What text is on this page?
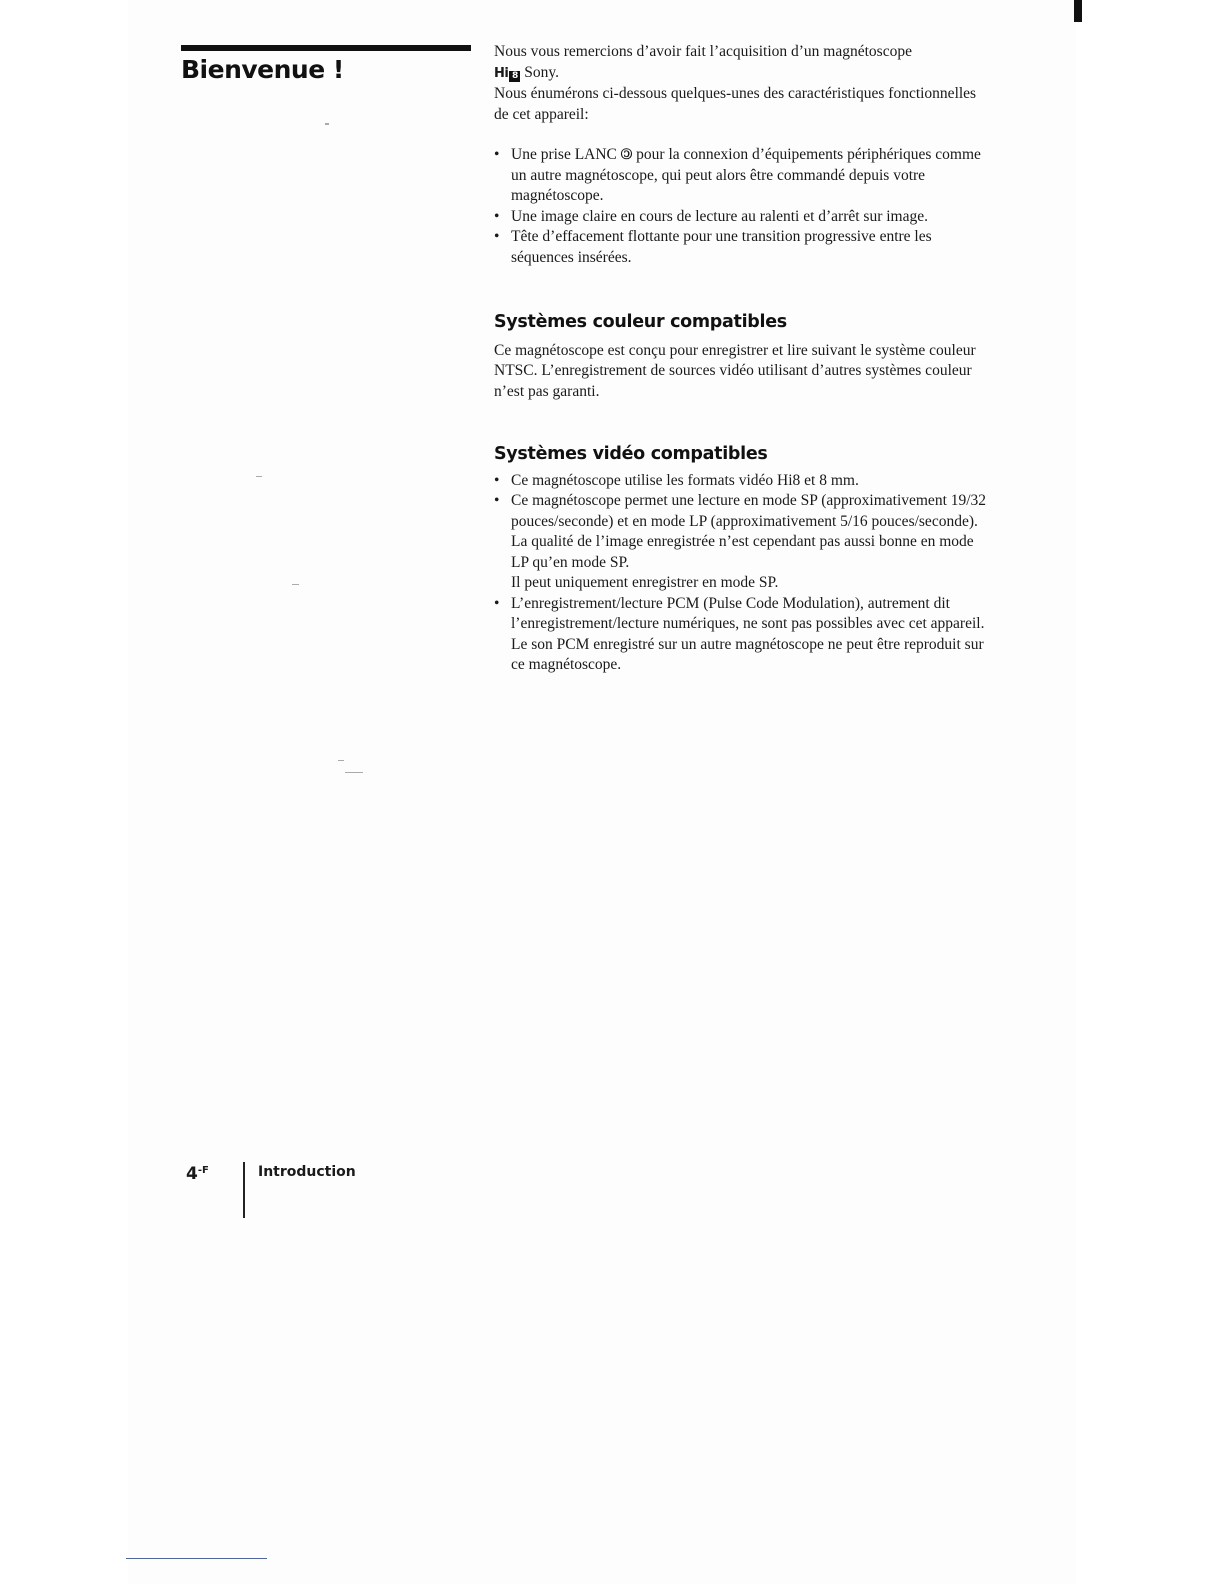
Bienvenue !

Nous vous remercions d’avoir fait l’acquisition d’un magnétoscope
Hi 8 Sony.

Nous énumérons ci-dessous quelques-unes des caractéristiques fonctionnelles de cet appareil:

• Une prise LANC 🄯 pour la connexion d’équipements périphériques comme un autre magnétoscope, qui peut alors être commandé depuis votre magnétoscope.
• Une image claire en cours de lecture au ralenti et d’arrêt sur image.
• Tête d’effacement flottante pour une transition progressive entre les séquences insérées.
Systèmes couleur compatibles

Ce magnétoscope est conçu pour enregistrer et lire suivant le système couleur NTSC. L’enregistrement de sources vidéo utilisant d’autres systèmes couleur n’est pas garanti.

Systèmes vidéo compatibles
• Ce magnétoscope utilise les formats vidéo Hi8 et 8 mm.
• Ce magnétoscope permet une lecture en mode SP (approximativement 19/32 pouces/seconde) et en mode LP (approximativement 5/16 pouces/seconde). La qualité de l’image enregistrée n’est cependant pas aussi bonne en mode LP qu’en mode SP.
Il peut uniquement enregistrer en mode SP.
• L’enregistrement/lecture PCM (Pulse Code Modulation), autrement dit l’enregistrement/lecture numériques, ne sont pas possibles avec cet appareil. Le son PCM enregistré sur un autre magnétoscope ne peut être reproduit sur ce magnétoscope.
$4^{-F}$	Introduction
